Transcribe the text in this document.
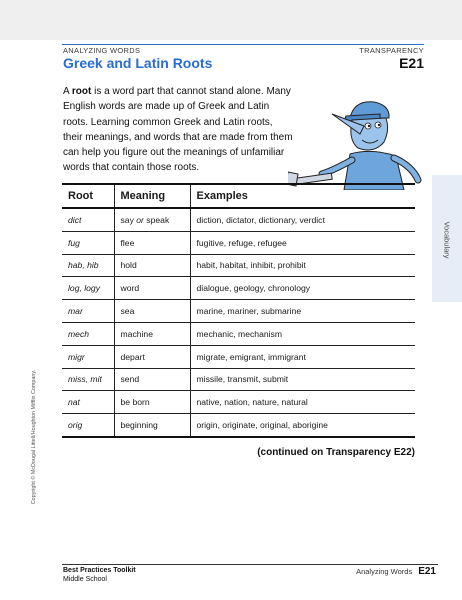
ANALYZING WORDS	TRANSPARENCY
Greek and Latin Roots	E21
A root is a word part that cannot stand alone. Many English words are made up of Greek and Latin roots. Learning common Greek and Latin roots, their meanings, and words that are made from them can help you figure out the meanings of unfamiliar words that contain those roots.
Root	Meaning	Examples
dict	say or speak	diction, dictator, dictionary, verdict
fug	flee	fugitive, refuge, refugee
hab, hib	hold	habit, habitat, inhibit, prohibit
log, logy	word	dialogue, geology, chronology
mar	sea	marine, mariner, submarine
mech	machine	mechanic, mechanism
migr	depart	migrate, emigrant, immigrant
miss, mit	send	missile, transmit, submit
nat	be born	native, nation, nature, natural
orig	beginning	origin, originate, original, aborigine
(continued on Transparency E22)
Vocabulary
Copyright © McDougal Littell/Houghton Mifflin Company.
Best Practices Toolkit
Middle School
Analyzing Words E21
